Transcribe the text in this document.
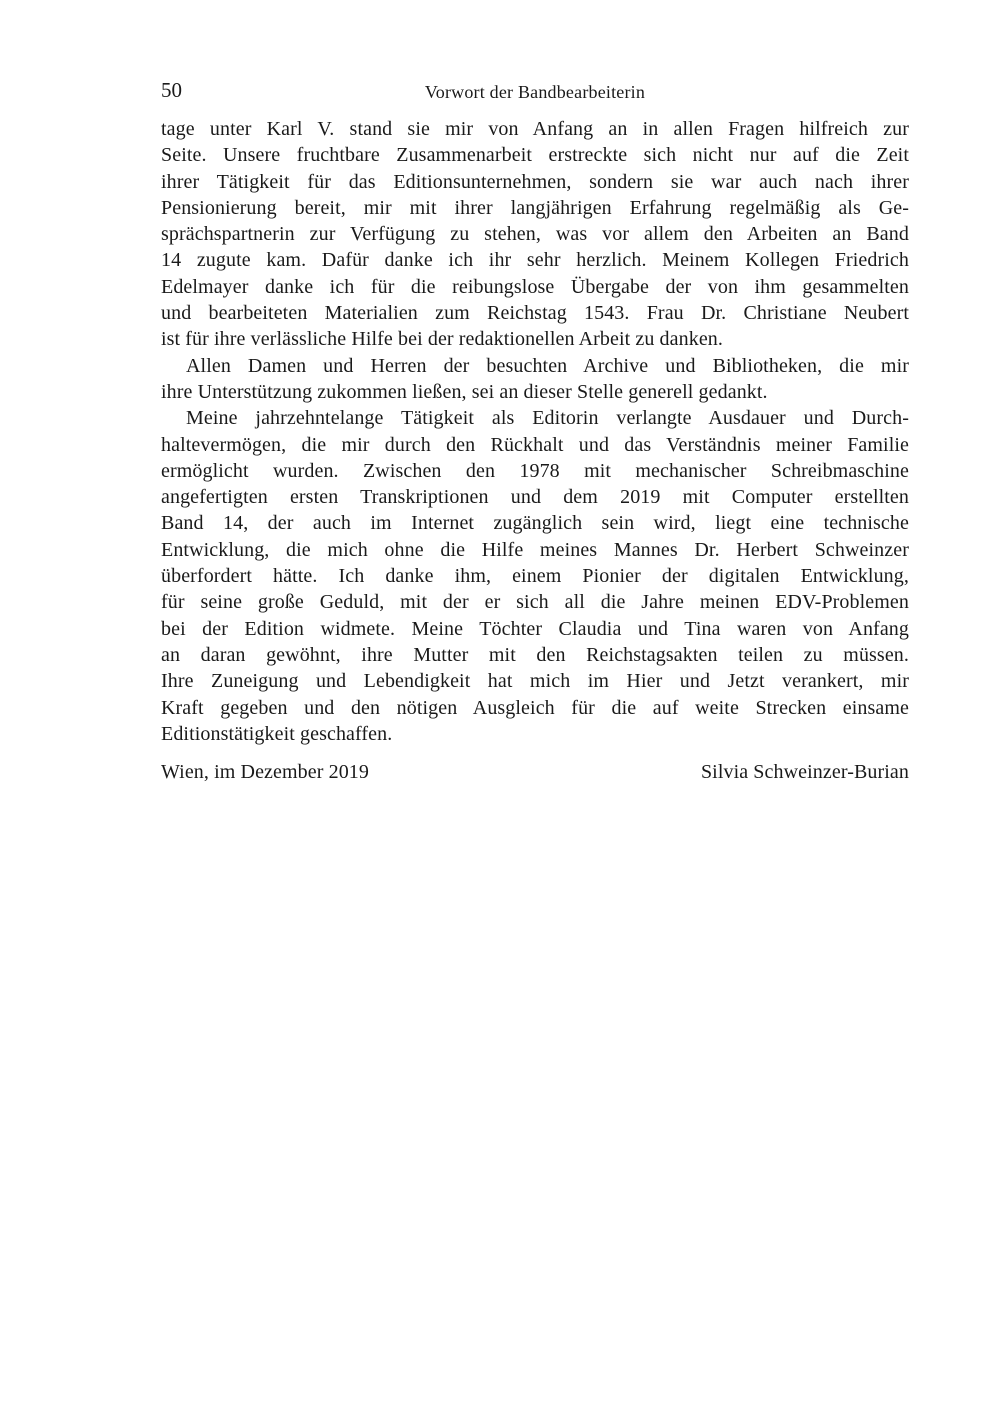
50	Vorwort der Bandbearbeiterin
tage unter Karl V. stand sie mir von Anfang an in allen Fragen hilfreich zur
Seite. Unsere fruchtbare Zusammenarbeit erstreckte sich nicht nur auf die Zeit
ihrer Tätigkeit für das Editionsunternehmen, sondern sie war auch nach ihrer
Pensionierung bereit, mir mit ihrer langjährigen Erfahrung regelmäßig als Ge-
sprächspartnerin zur Verfügung zu stehen, was vor allem den Arbeiten an Band
14 zugute kam. Dafür danke ich ihr sehr herzlich. Meinem Kollegen Friedrich
Edelmayer danke ich für die reibungslose Übergabe der von ihm gesammelten
und bearbeiteten Materialien zum Reichstag 1543. Frau Dr. Christiane Neubert
ist für ihre verlässliche Hilfe bei der redaktionellen Arbeit zu danken.
Allen Damen und Herren der besuchten Archive und Bibliotheken, die mir
ihre Unterstützung zukommen ließen, sei an dieser Stelle generell gedankt.
Meine jahrzehntelange Tätigkeit als Editorin verlangte Ausdauer und Durch-
haltevermögen, die mir durch den Rückhalt und das Verständnis meiner Familie
ermöglicht wurden. Zwischen den 1978 mit mechanischer Schreibmaschine
angefertigten ersten Transkriptionen und dem 2019 mit Computer erstellten
Band 14, der auch im Internet zugänglich sein wird, liegt eine technische
Entwicklung, die mich ohne die Hilfe meines Mannes Dr. Herbert Schweinzer
überfordert hätte. Ich danke ihm, einem Pionier der digitalen Entwicklung,
für seine große Geduld, mit der er sich all die Jahre meinen EDV-Problemen
bei der Edition widmete. Meine Töchter Claudia und Tina waren von Anfang
an daran gewöhnt, ihre Mutter mit den Reichstagsakten teilen zu müssen.
Ihre Zuneigung und Lebendigkeit hat mich im Hier und Jetzt verankert, mir
Kraft gegeben und den nötigen Ausgleich für die auf weite Strecken einsame
Editionstätigkeit geschaffen.
Wien, im Dezember 2019	Silvia Schweinzer-Burian
